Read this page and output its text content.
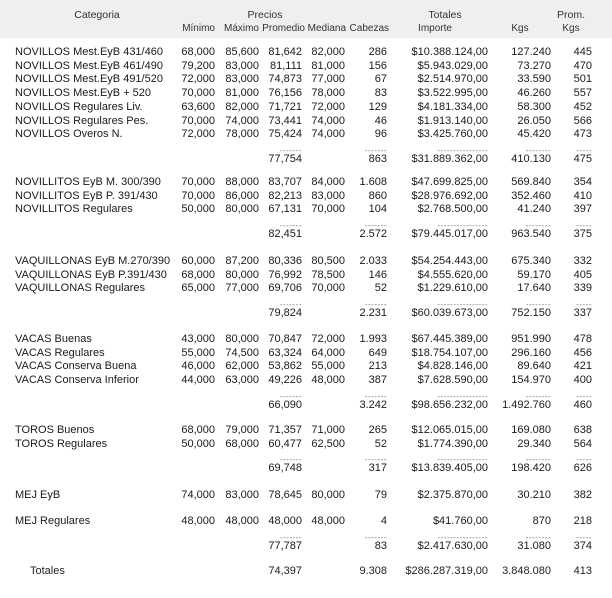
Categoria	Precios	Totales	Prom.
Mínimo Máximo Promedio Mediana Cabezas	Importe	Kgs	Kgs
NOVILLOS Mest.EyB 431/460	68,000 85,600 81,642 82,000	286	$10.388.124,00	127.240	445
NOVILLOS Mest.EyB 461/490	79,200 83,000 81,111 81,000	156	$5.943.029,00	73.270	470
NOVILLOS Mest.EyB 491/520	72,000 83,000 74,873 77,000	67	$2.514.970,00	33.590	501
NOVILLOS Mest.EyB + 520	70,000 81,000 76,156 78,000	83	$3.522.995,00	46.260	557
NOVILLOS Regulares Liv.	63,600 82,000 71,721 72,000	129	$4.181.334,00	58.300	452
NOVILLOS Regulares Pes.	70,000 74,000 73,441 74,000	46	$1.913.140,00	26.050	566
NOVILLOS Overos N.	72,000 78,000 75,424 74,000	96	$3.425.760,00	45.420	473
-------	-------	----------------	--------	-----
77,754	863	$31.889.362,00	410.130	475
NOVILLITOS EyB M. 300/390	70,000 88,000 83,707 84,000	1.608	$47.699.825,00	569.840	354
NOVILLITOS EyB P. 391/430	70,000 86,000 82,213 83,000	860	$28.976.692,00	352.460	410
NOVILLITOS Regulares	50,000 80,000 67,131 70,000	104	$2.768.500,00	41.240	397
-------	-------	----------------	--------	-----
82,451	2.572	$79.445.017,00	963.540	375
VAQUILLONAS EyB M.270/390	60,000 87,200 80,336 80,500	2.033	$54.254.443,00	675.340	332
VAQUILLONAS EyB P.391/430	68,000 80,000 76,992 78,500	146	$4.555.620,00	59.170	405
VAQUILLONAS Regulares	65,000 77,000 69,706 70,000	52	$1.229.610,00	17.640	339
-------	-------	----------------	--------	-----
79,824	2.231	$60.039.673,00	752.150	337
VACAS Buenas	43,000 80,000 70,847 72,000	1.993	$67.445.389,00	951.990	478
VACAS Regulares	55,000 74,500 63,324 64,000	649	$18.754.107,00	296.160	456
VACAS Conserva Buena	46,000 62,000 53,862 55,000	213	$4.828.146,00	89.640	421
VACAS Conserva Inferior	44,000 63,000 49,226 48,000	387	$7.628.590,00	154.970	400
-------	-------	----------------	--------	-----
66,090	3.242	$98.656.232,00 1.492.760	460
TOROS Buenos	68,000 79,000 71,357 71,000	265	$12.065.015,00	169.080	638
TOROS Regulares	50,000 68,000 60,477 62,500	52	$1.774.390,00	29.340	564
-------	-------	----------------	--------	-----
69,748	317	$13.839.405,00	198.420	626
MEJ EyB	74,000 83,000 78,645 80,000	79	$2.375.870,00	30.210	382
MEJ Regulares	48,000 48,000 48,000 48,000	4	$41.760,00	870	218
-------	-------	----------------	--------	-----
77,787	83	$2.417.630,00	31.080	374
Totales	74,397	9.308	$286.287.319,00 3.848.080	413
